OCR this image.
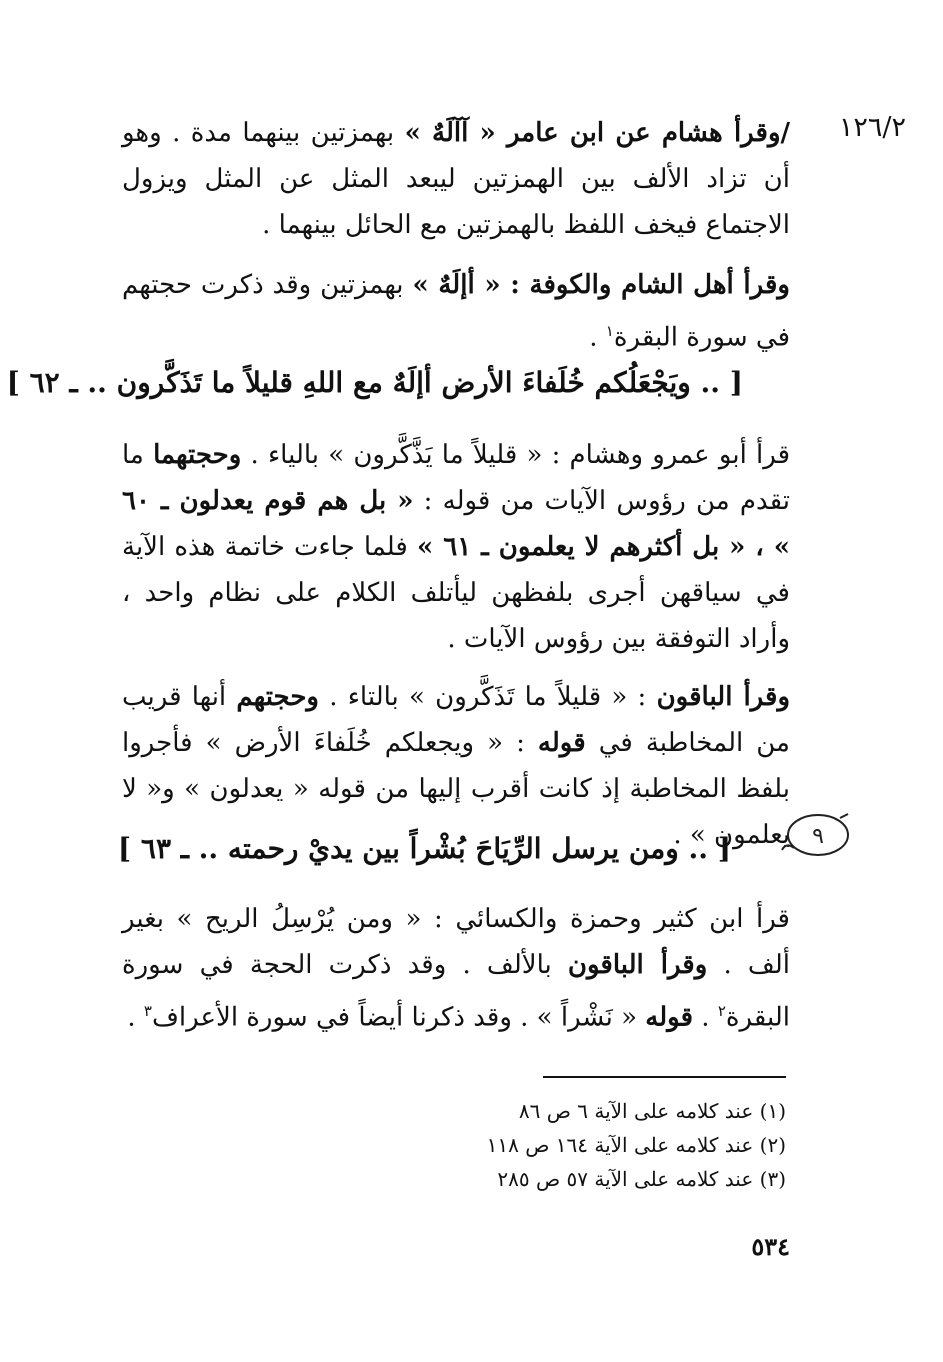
١٢٦/٢
/وقرأ هشام عن ابن عامر « آآلَهٌ » بهمزتين بينهما مدة . وهو أن تزاد الألف بين الهمزتين ليبعد المثل عن المثل ويزول الاجتماع فيخف اللفظ بالهمزتين مع الحائل بينهما .
وقرأ أهل الشام والكوفة : « أإلَهٌ » بهمزتين وقد ذكرت حجتهم في سورة البقرة$^١$ .
[ .. ويَجْعَلُكم خُلَفاءَ الأرض أإلَهٌ مع اللهِ قليلاً ما تَذَكَّرون .. ـ ٦٢ ]
قرأ أبو عمرو وهشام : « قليلاً ما يَذَّكَّرون » بالياء . وحجتهما ما تقدم من رؤوس الآيات من قوله : « بل هم قوم يعدلون ـ ٦٠ » ، « بل أكثرهم لا يعلمون ـ ٦١ » فلما جاءت خاتمة هذه الآية في سياقهن أجرى بلفظهن ليأتلف الكلام على نظام واحد ، وأراد التوفقة بين رؤوس الآيات .
وقرأ الباقون : « قليلاً ما تَذَكَّرون » بالتاء . وحجتهم أنها قريب من المخاطبة في قوله : « ويجعلكم خُلَفاءَ الأرض » فأجروا بلفظ المخاطبة إذ كانت أقرب إليها من قوله « يعدلون » و« لا يعلمون » . ٩
[ .. ومن يرسل الرِّيَاحَ بُشْراً بين يديْ رحمته .. ـ ٦٣ ]
قرأ ابن كثير وحمزة والكسائي : « ومن يُرْسِلُ الريح » بغير ألف . وقرأ الباقون بالألف . وقد ذكرت الحجة في سورة البقرة$^٢$ . قوله « نَشْراً » . وقد ذكرنا أيضاً في سورة الأعراف$^٣$ .
(١) عند كلامه على الآية ٦ ص ٨٦
(٢) عند كلامه على الآية ١٦٤ ص ١١٨
(٣) عند كلامه على الآية ٥٧ ص ٢٨٥
٥٣٤
